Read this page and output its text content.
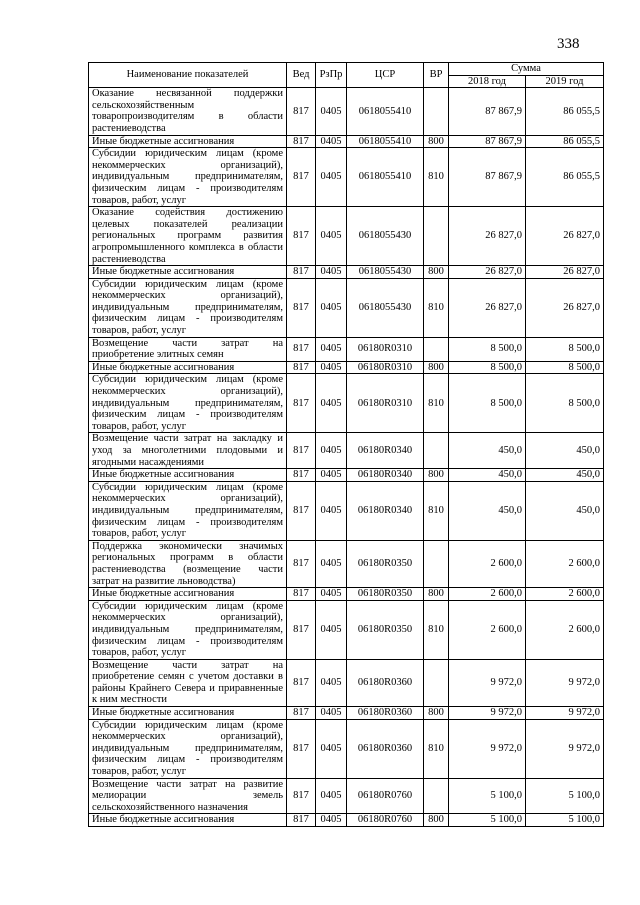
338
Наименование показателей	Вед	РзПр	ЦСР	ВР	Сумма	
					2018 год	2019 год
Оказание несвязанной поддержки сельскохозяйственным товаропроизводителям в области растениеводства	817	0405	0618055410		87 867,9	86 055,5
Иные бюджетные ассигнования	817	0405	0618055410	800	87 867,9	86 055,5
Субсидии юридическим лицам (кроме некоммерческих организаций), индивидуальным предпринимателям, физическим лицам - производителям товаров, работ, услуг	817	0405	0618055410	810	87 867,9	86 055,5
Оказание содействия достижению целевых показателей реализации региональных программ развития агропромышленного комплекса в области растениеводства	817	0405	0618055430		26 827,0	26 827,0
Иные бюджетные ассигнования	817	0405	0618055430	800	26 827,0	26 827,0
Субсидии юридическим лицам (кроме некоммерческих организаций), индивидуальным предпринимателям, физическим лицам - производителям товаров, работ, услуг	817	0405	0618055430	810	26 827,0	26 827,0
Возмещение части затрат на приобретение элитных семян	817	0405	06180R0310		8 500,0	8 500,0
Иные бюджетные ассигнования	817	0405	06180R0310	800	8 500,0	8 500,0
Субсидии юридическим лицам (кроме некоммерческих организаций), индивидуальным предпринимателям, физическим лицам - производителям товаров, работ, услуг	817	0405	06180R0310	810	8 500,0	8 500,0
Возмещение части затрат на закладку и уход за многолетними плодовыми и ягодными насаждениями	817	0405	06180R0340		450,0	450,0
Иные бюджетные ассигнования	817	0405	06180R0340	800	450,0	450,0
Субсидии юридическим лицам (кроме некоммерческих организаций), индивидуальным предпринимателям, физическим лицам - производителям товаров, работ, услуг	817	0405	06180R0340	810	450,0	450,0
Поддержка экономически значимых региональных программ в области растениеводства (возмещение части затрат на развитие льноводства)	817	0405	06180R0350		2 600,0	2 600,0
Иные бюджетные ассигнования	817	0405	06180R0350	800	2 600,0	2 600,0
Субсидии юридическим лицам (кроме некоммерческих организаций), индивидуальным предпринимателям, физическим лицам - производителям товаров, работ, услуг	817	0405	06180R0350	810	2 600,0	2 600,0
Возмещение части затрат на приобретение семян с учетом доставки в районы Крайнего Севера и приравненные к ним местности	817	0405	06180R0360		9 972,0	9 972,0
Иные бюджетные ассигнования	817	0405	06180R0360	800	9 972,0	9 972,0
Субсидии юридическим лицам (кроме некоммерческих организаций), индивидуальным предпринимателям, физическим лицам - производителям товаров, работ, услуг	817	0405	06180R0360	810	9 972,0	9 972,0
Возмещение части затрат на развитие мелиорации земель сельскохозяйственного назначения	817	0405	06180R0760		5 100,0	5 100,0
Иные бюджетные ассигнования	817	0405	06180R0760	800	5 100,0	5 100,0
